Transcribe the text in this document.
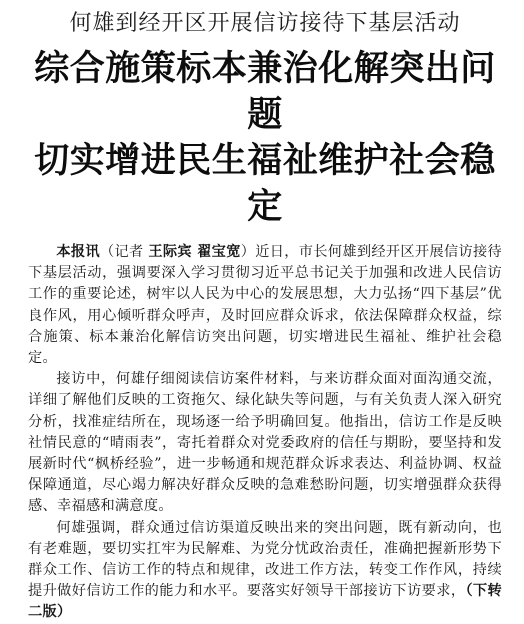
何雄到经开区开展信访接待下基层活动
综合施策标本兼治化解突出问题
切实增进民生福祉维护社会稳定

本报讯（记者 王际宾 翟宝宽）近日，市长何雄到经开区开展信访接待下基层活动，强调要深入学习贯彻习近平总书记关于加强和改进人民信访工作的重要论述，树牢以人民为中心的发展思想，大力弘扬“四下基层”优良作风，用心倾听群众呼声，及时回应群众诉求，依法保障群众权益，综合施策、标本兼治化解信访突出问题，切实增进民生福祉、维护社会稳定。

接访中，何雄仔细阅读信访案件材料，与来访群众面对面沟通交流，详细了解他们反映的工资拖欠、绿化缺失等问题，与有关负责人深入研究分析，找准症结所在，现场逐一给予明确回复。他指出，信访工作是反映社情民意的“晴雨表”，寄托着群众对党委政府的信任与期盼，要坚持和发展新时代“枫桥经验”，进一步畅通和规范群众诉求表达、利益协调、权益保障通道，尽心竭力解决好群众反映的急难愁盼问题，切实增强群众获得感、幸福感和满意度。

何雄强调，群众通过信访渠道反映出来的突出问题，既有新动向，也有老难题，要切实扛牢为民解难、为党分忧政治责任，准确把握新形势下群众工作、信访工作的特点和规律，改进工作方法，转变工作作风，持续提升做好信访工作的能力和水平。要落实好领导干部接访下访要求，（下转二版）
